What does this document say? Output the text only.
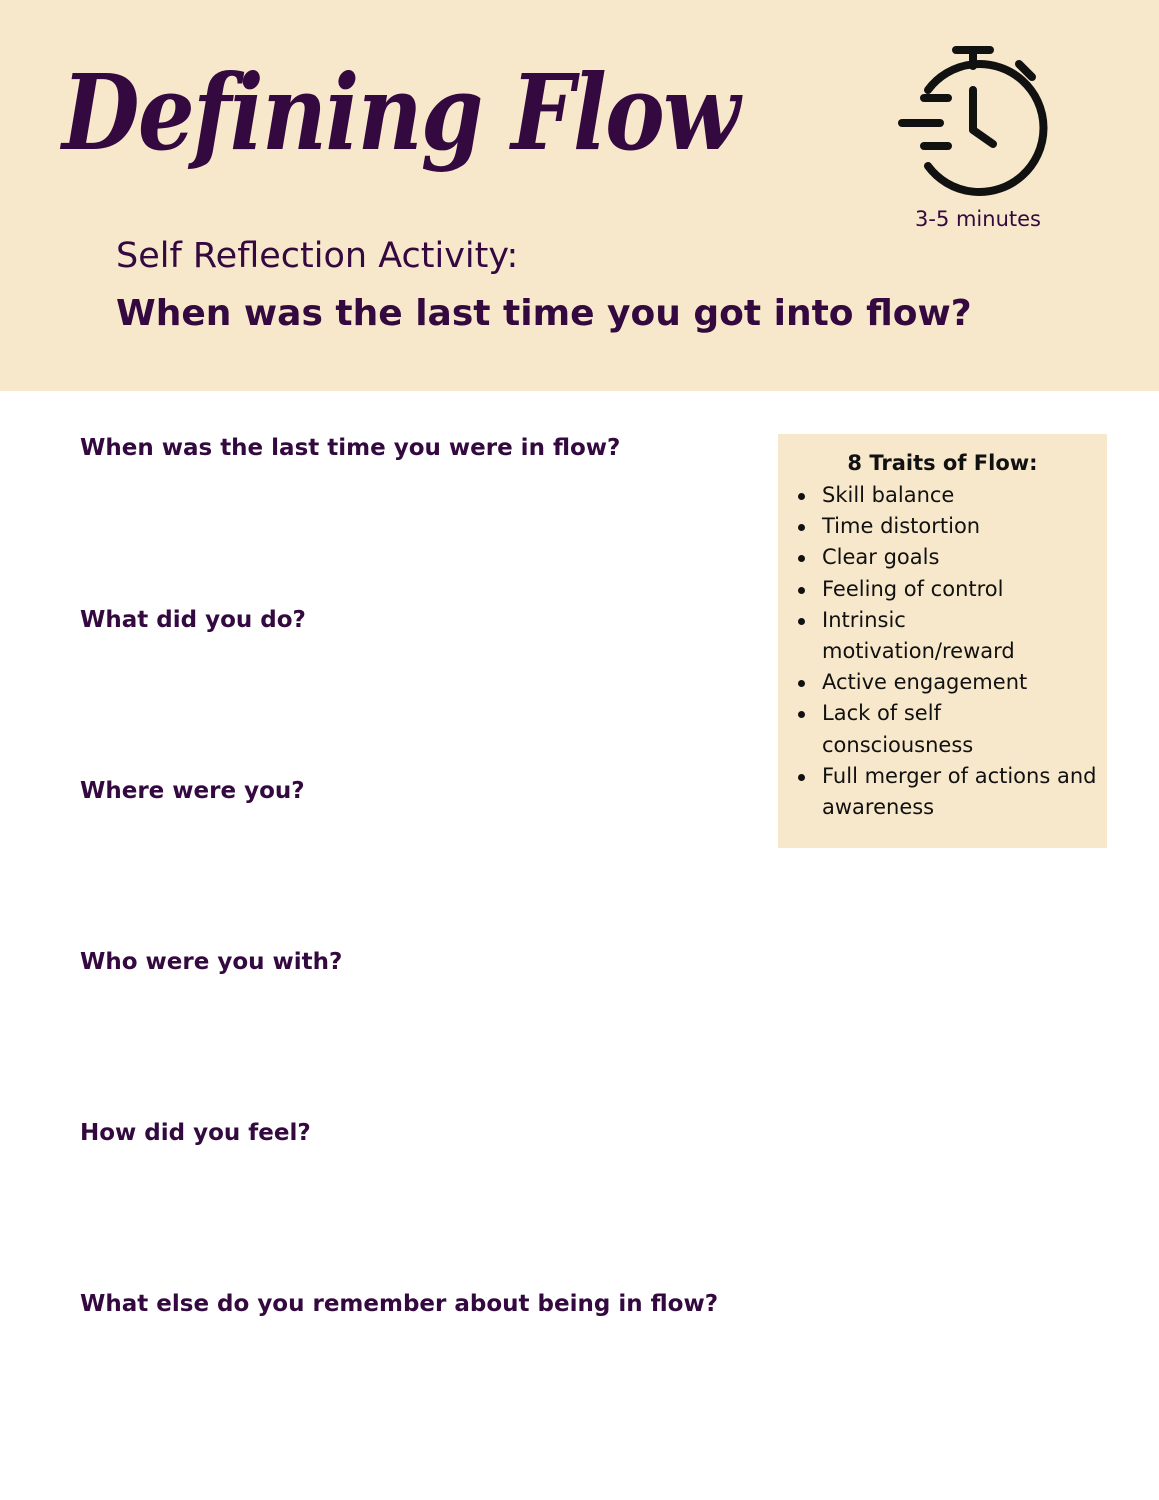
Defining Flow
3-5 minutes
Self Reflection Activity:
When was the last time you got into flow?
When was the last time you were in flow?
What did you do?
Where were you?
Who were you with?
How did you feel?
What else do you remember about being in flow?
8 Traits of Flow:
Skill balance
Time distortion
Clear goals
Feeling of control
Intrinsic motivation/reward
Active engagement
Lack of self consciousness
Full merger of actions and awareness
